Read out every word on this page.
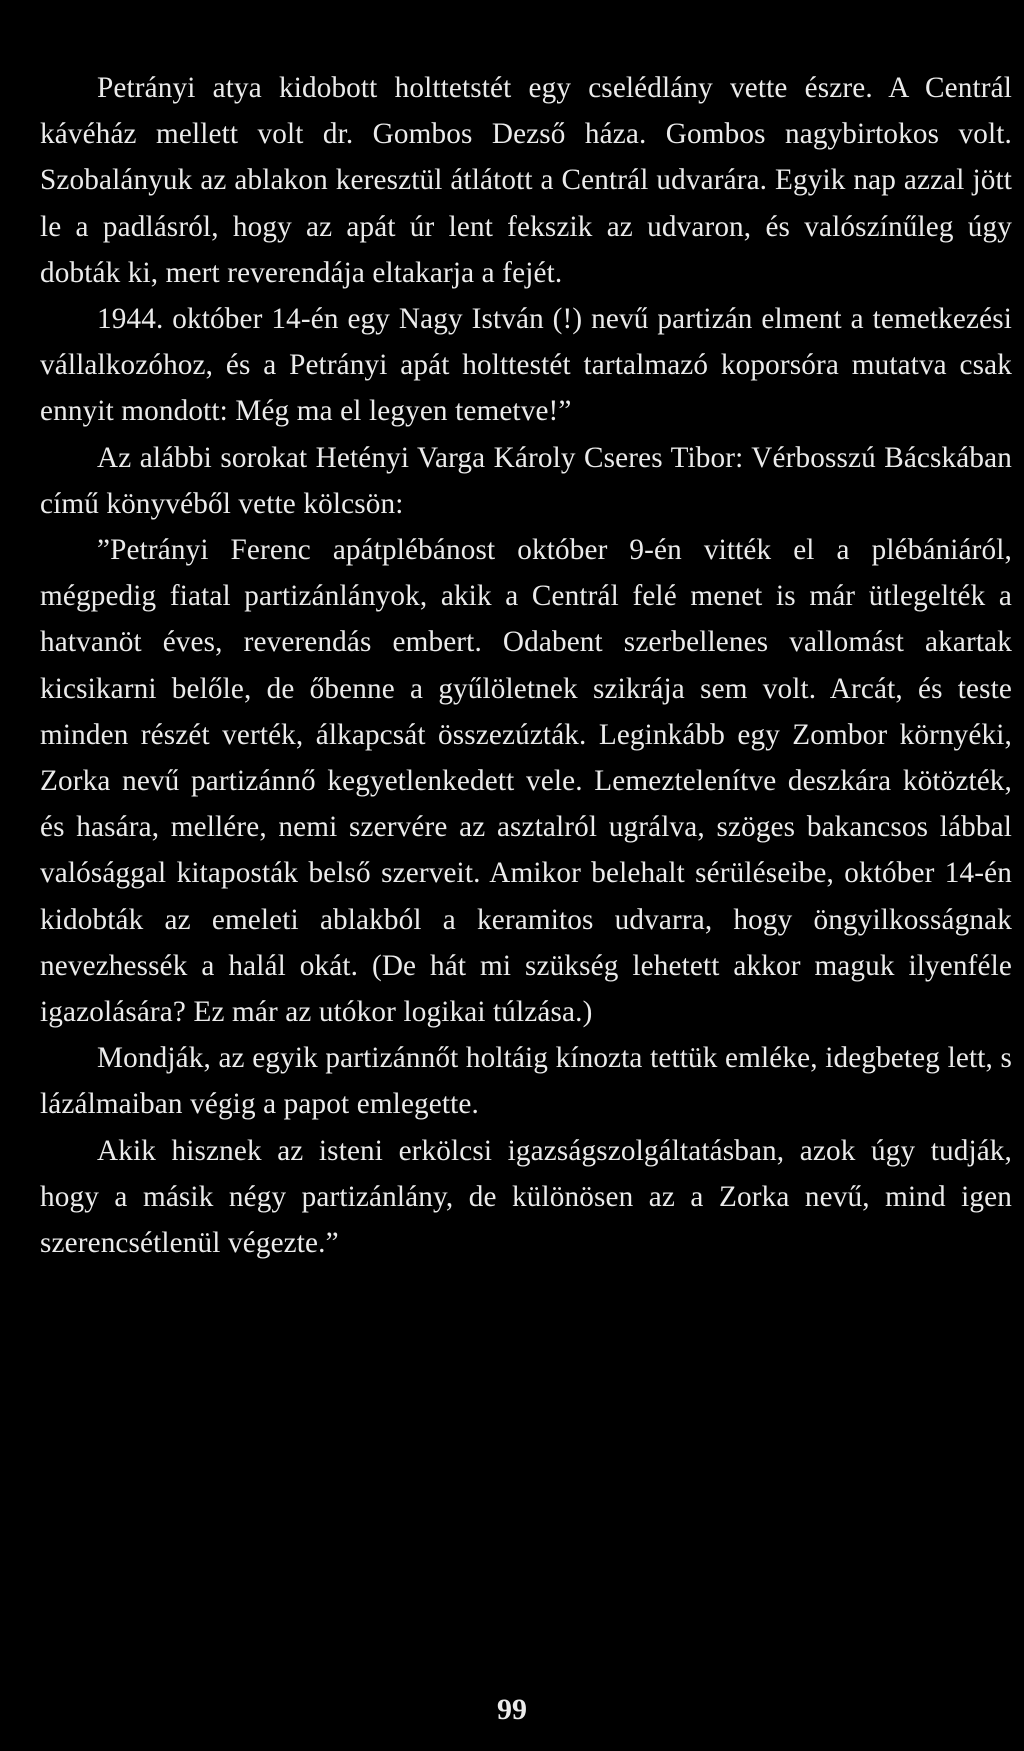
Petrányi atya kidobott holttetstét egy cselédlány vette észre. A Centrál kávéház mellett volt dr. Gombos Dezső háza. Gombos nagybirtokos volt. Szobalányuk az ablakon keresztül átlátott a Centrál udvarára. Egyik nap azzal jött le a padlásról, hogy az apát úr lent fekszik az udvaron, és valószínűleg úgy dobták ki, mert reverendája eltakarja a fejét.

1944. október 14-én egy Nagy István (!) nevű partizán elment a temetkezési vállalkozóhoz, és a Petrányi apát holttestét tartalmazó koporsóra mutatva csak ennyit mondott: Még ma el legyen temetve!”

Az alábbi sorokat Hetényi Varga Károly Cseres Tibor: Vérbosszú Bácskában című könyvéből vette kölcsön:

”Petrányi Ferenc apátplébánost október 9-én vitték el a plébániáról, mégpedig fiatal partizánlányok, akik a Centrál felé menet is már ütlegelték a hatvanöt éves, reverendás embert. Odabent szerbellenes vallomást akartak kicsikarni belőle, de őbenne a gyűlöletnek szikrája sem volt. Arcát, és teste minden részét verték, álkapcsát összezúzták. Leginkább egy Zombor környéki, Zorka nevű partizánnő kegyetlenkedett vele. Lemeztelenítve deszkára kötözték, és hasára, mellére, nemi szervére az asztalról ugrálva, szöges bakancsos lábbal valósággal kitaposták belső szerveit. Amikor belehalt sérüléseibe, október 14-én kidobták az emeleti ablakból a keramitos udvarra, hogy öngyilkosságnak nevezhessék a halál okát. (De hát mi szükség lehetett akkor maguk ilyenféle igazolására? Ez már az utókor logikai túlzása.)

Mondják, az egyik partizánnőt holtáig kínozta tettük emléke, idegbeteg lett, s lázálmaiban végig a papot emlegette.

Akik hisznek az isteni erkölcsi igazságszolgáltatásban, azok úgy tudják, hogy a másik négy partizánlány, de különösen az a Zorka nevű, mind igen szerencsétlenül végezte.”

99
